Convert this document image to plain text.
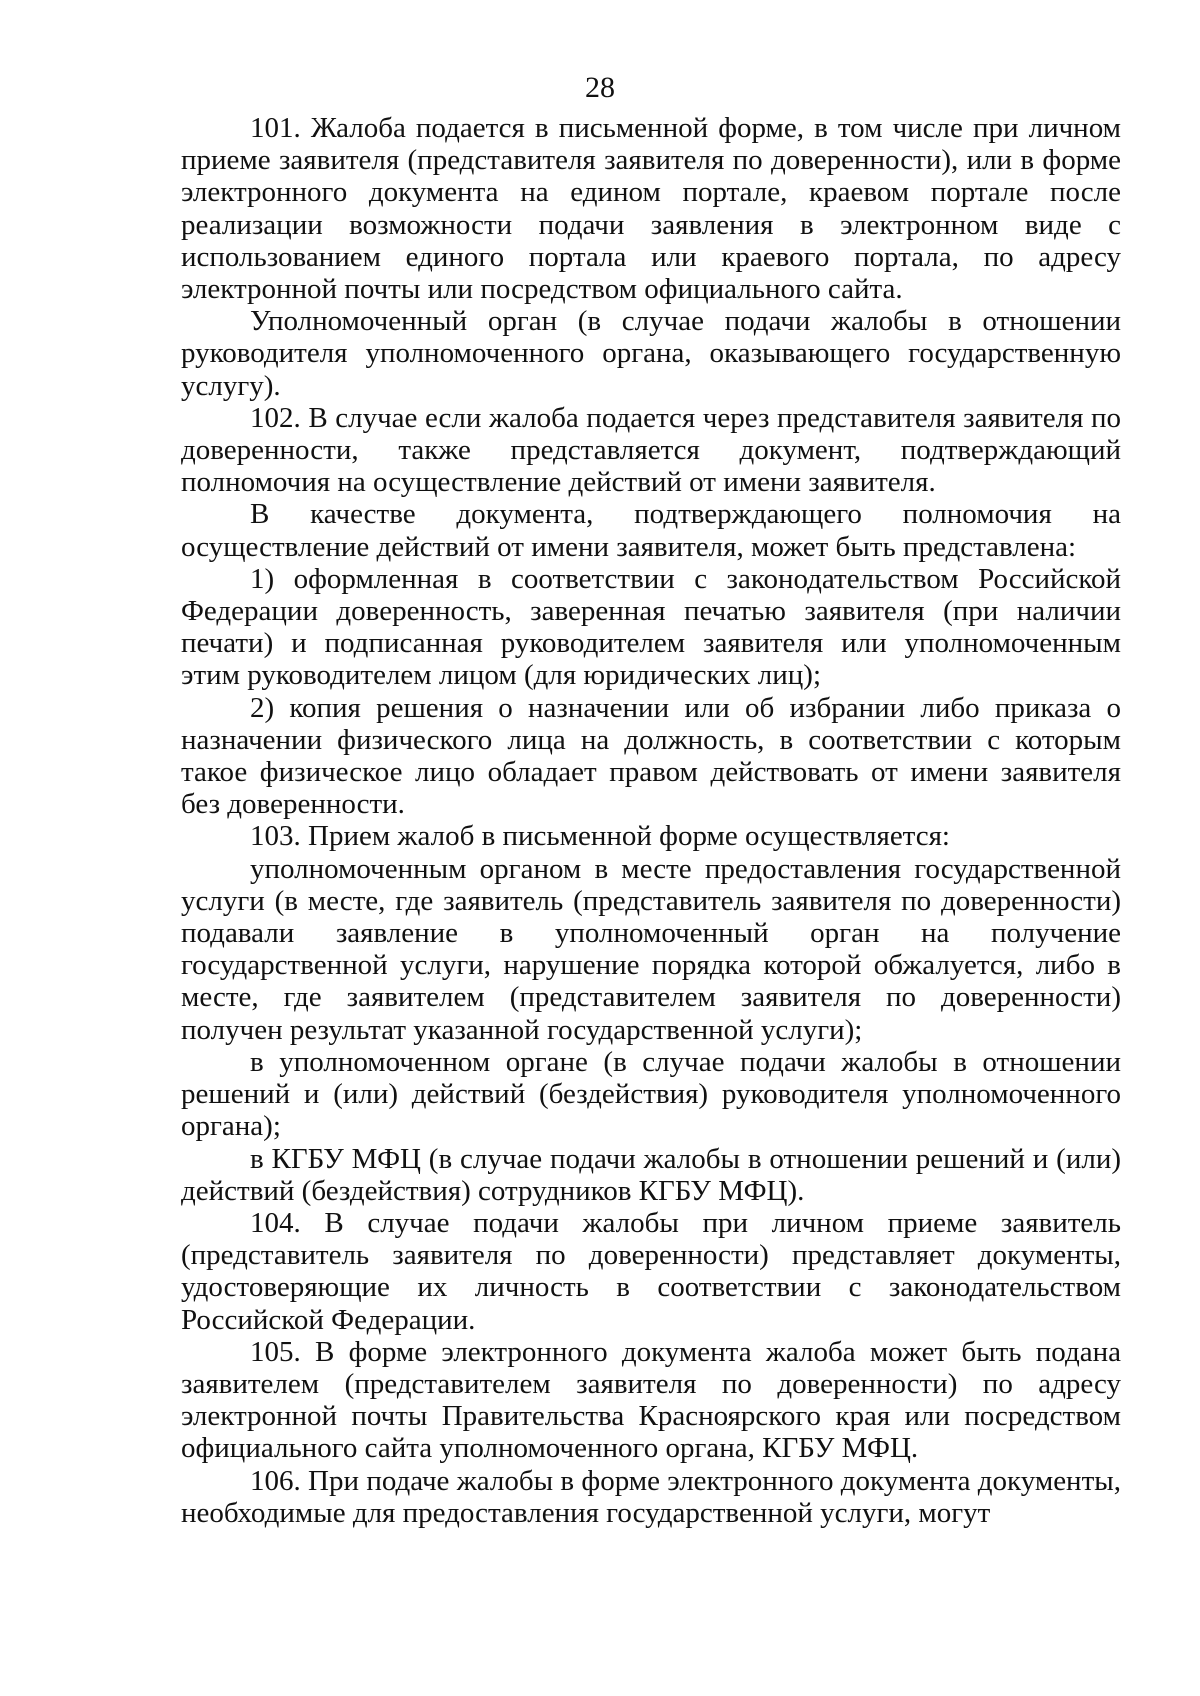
28

101. Жалоба подается в письменной форме, в том числе при личном приеме заявителя (представителя заявителя по доверенности), или в форме электронного документа на едином портале, краевом портале после реализации возможности подачи заявления в электронном виде с использованием единого портала или краевого портала, по адресу электронной почты или посредством официального сайта.

Уполномоченный орган (в случае подачи жалобы в отношении руководителя уполномоченного органа, оказывающего государственную услугу).

102. В случае если жалоба подается через представителя заявителя по доверенности, также представляется документ, подтверждающий полномочия на осуществление действий от имени заявителя.

В качестве документа, подтверждающего полномочия на осуществление действий от имени заявителя, может быть представлена:

1) оформленная в соответствии с законодательством Российской Федерации доверенность, заверенная печатью заявителя (при наличии печати) и подписанная руководителем заявителя или уполномоченным этим руководителем лицом (для юридических лиц);

2) копия решения о назначении или об избрании либо приказа о назначении физического лица на должность, в соответствии с которым такое физическое лицо обладает правом действовать от имени заявителя без доверенности.

103. Прием жалоб в письменной форме осуществляется:

уполномоченным органом в месте предоставления государственной услуги (в месте, где заявитель (представитель заявителя по доверенности) подавали заявление в уполномоченный орган на получение государственной услуги, нарушение порядка которой обжалуется, либо в месте, где заявителем (представителем заявителя по доверенности) получен результат указанной государственной услуги);

в уполномоченном органе (в случае подачи жалобы в отношении решений и (или) действий (бездействия) руководителя уполномоченного органа);

в КГБУ МФЦ (в случае подачи жалобы в отношении решений и (или) действий (бездействия) сотрудников КГБУ МФЦ).

104. В случае подачи жалобы при личном приеме заявитель (представитель заявителя по доверенности) представляет документы, удостоверяющие их личность в соответствии с законодательством Российской Федерации.

105. В форме электронного документа жалоба может быть подана заявителем (представителем заявителя по доверенности) по адресу электронной почты Правительства Красноярского края или посредством официального сайта уполномоченного органа, КГБУ МФЦ.

106. При подаче жалобы в форме электронного документа документы, необходимые для предоставления государственной услуги, могут
